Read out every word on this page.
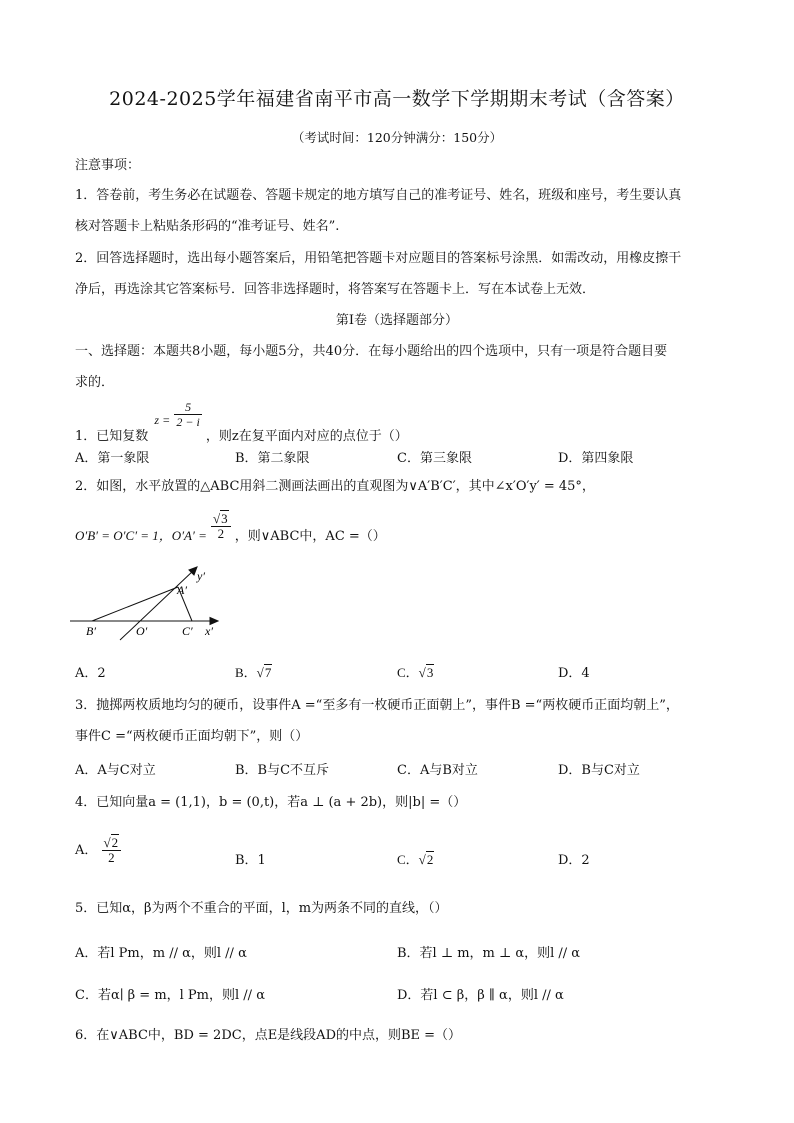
2024-2025学年福建省南平市高一数学下学期期末考试（含答案）
（考试时间：120分钟满分：150分）
注意事项：
1．答卷前，考生务必在试题卷、答题卡规定的地方填写自己的准考证号、姓名，班级和座号，考生要认真
核对答题卡上粘贴条形码的“准考证号、姓名”.
2．回答选择题时，选出每小题答案后，用铅笔把答题卡对应题目的答案标号涂黑．如需改动，用橡皮擦干
净后，再选涂其它答案标号．回答非选择题时，将答案写在答题卡上．写在本试卷上无效．
第Ⅰ卷（选择题部分）
一、选择题：本题共8小题，每小题5分，共40分．在每小题给出的四个选项中，只有一项是符合题目要
求的．
1．已知复数 $z = \frac{5}{2 - i}$
，则z在复平面内对应的点位于（）
A．第一象限	B．第二象限	C．第三象限	D．第四象限
2．如图，水平放置的△ABC用斜二测画法画出的直观图为∨A′B′C′，其中∠x′O′y′ = 45°，
O′B′ = O′C′ = 1，$O'A' = \frac{√3}{2}$ ，则∨ABC中，AC =（）
y′
A′
B′	O′	C′ x′
A．2	B．√7	C．√3	D．4
3．抛掷两枚质地均匀的硬币，设事件A =“至多有一枚硬币正面朝上”，事件B =“两枚硬币正面均朝上”，
事件C =“两枚硬币正面均朝下”，则（）
A．A与C对立	B．B与C不互斥	C．A与B对立	D．B与C对立
4．已知向量a = (1,1)，b = (0,t)，若a ⊥ (a + 2b)，则|b| =（）
A． $\frac{√2}{2}$	B．1	C．√2	D．2
5．已知α，β为两个不重合的平面，l，m为两条不同的直线，（）
A．若l Pm，m // α，则l // α	B．若l ⊥ m，m ⊥ α，则l // α
C．若α∣ β = m，l Pm，则l // α	D．若l ⊂ β，β ∥ α，则l // α
6．在∨ABC中，BD = 2DC，点E是线段AD的中点，则BE =（）
